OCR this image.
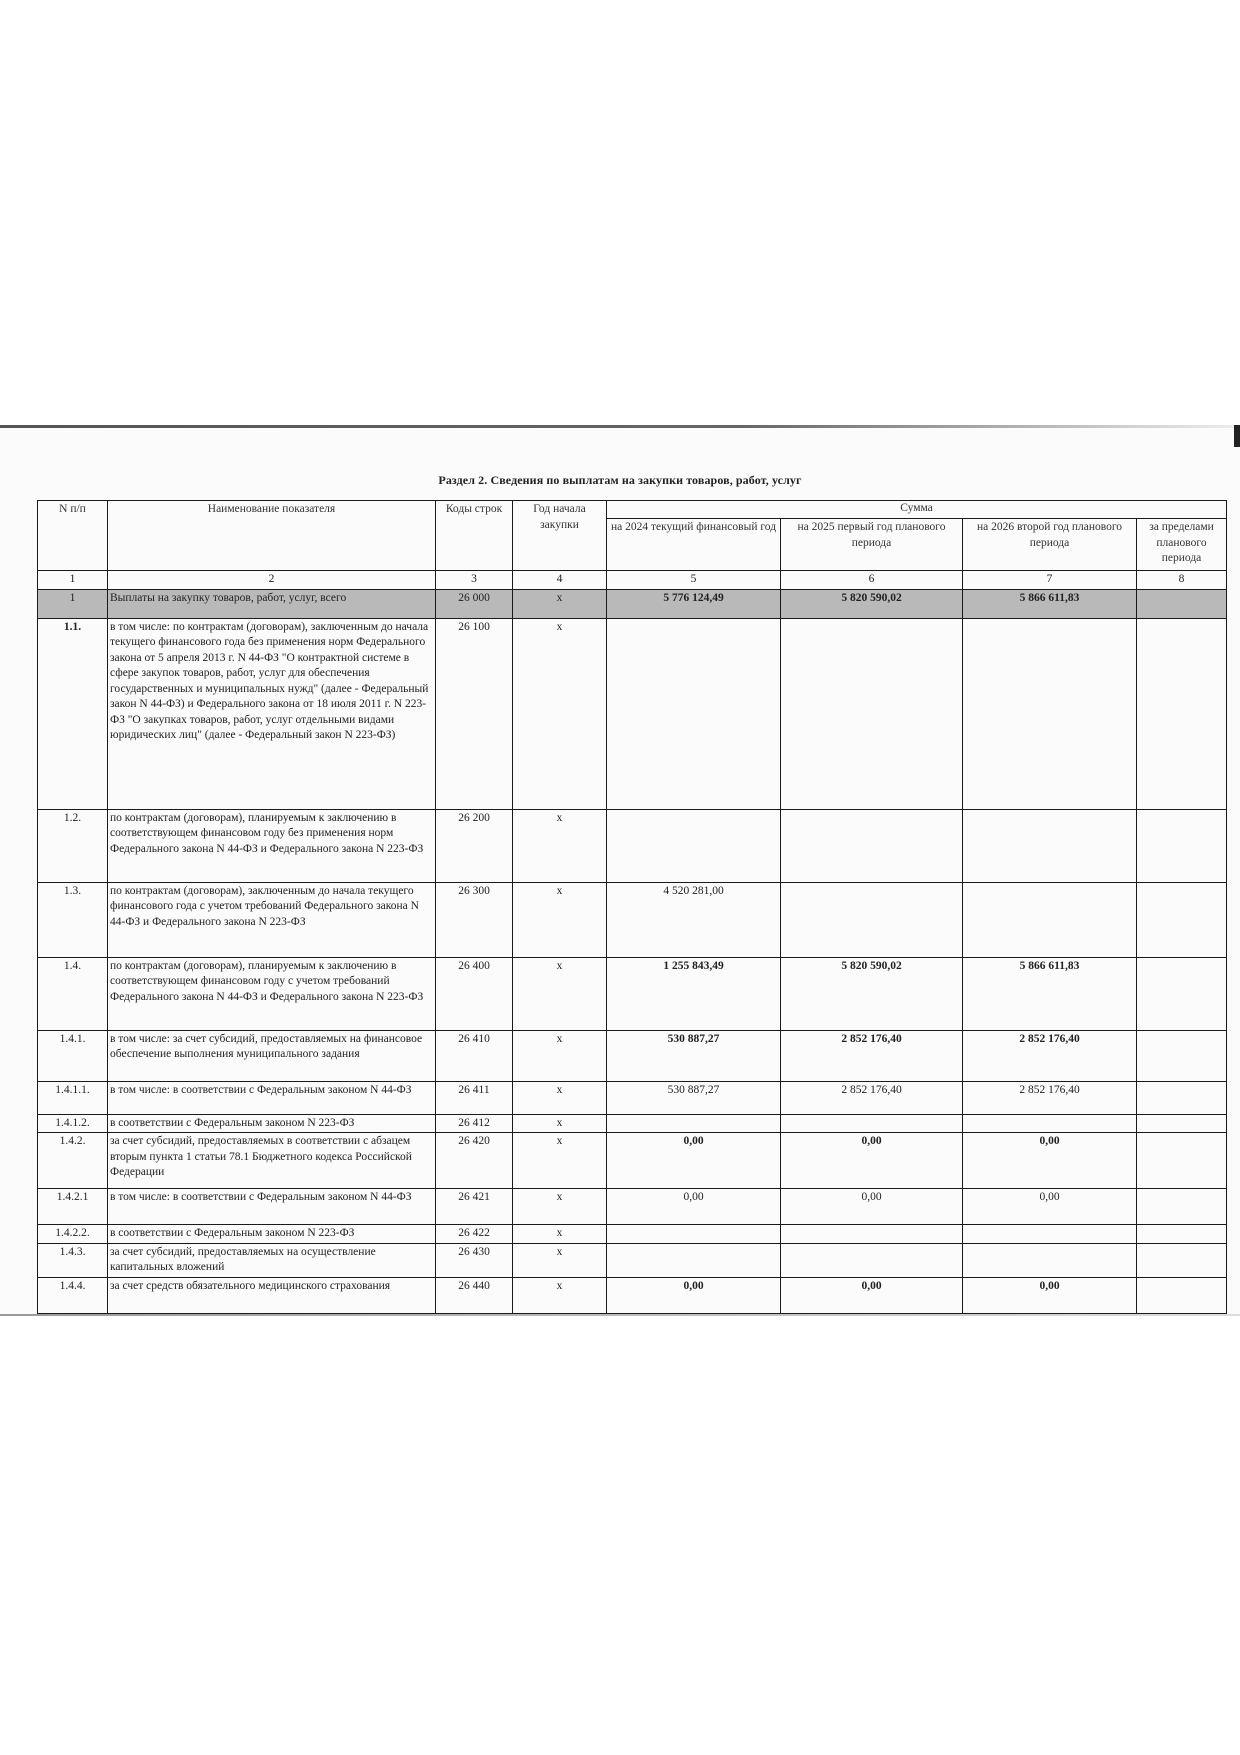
Раздел 2. Сведения по выплатам на закупки товаров, работ, услуг
N п/п	Наименование показателя	Коды строк	Год начала закупки	Сумма			
				на 2024 текущий финансовый год	на 2025 первый год планового периода	на 2026 второй год планового периода	за пределами планового периода
1	2	3	4	5	6	7	8
1	Выплаты на закупку товаров, работ, услуг, всего	26 000	x	5 776 124,49	5 820 590,02	5 866 611,83	
1.1.	в том числе: по контрактам (договорам), заключенным до начала текущего финансового года без применения норм Федерального закона от 5 апреля 2013 г. N 44-ФЗ "О контрактной системе в сфере закупок товаров, работ, услуг для обеспечения государственных и муниципальных нужд" (далее - Федеральный закон N 44-ФЗ) и Федерального закона от 18 июля 2011 г. N 223-ФЗ "О закупках товаров, работ, услуг отдельными видами юридических лиц" (далее - Федеральный закон N 223-ФЗ)	26 100	x				
1.2.	по контрактам (договорам), планируемым к заключению в соответствующем финансовом году без применения норм Федерального закона N 44-ФЗ и Федерального закона N 223-ФЗ	26 200	x				
1.3.	по контрактам (договорам), заключенным до начала текущего финансового года с учетом требований Федерального закона N 44-ФЗ и Федерального закона N 223-ФЗ	26 300	x	4 520 281,00			
1.4.	по контрактам (договорам), планируемым к заключению в соответствующем финансовом году с учетом требований Федерального закона N 44-ФЗ и Федерального закона N 223-ФЗ	26 400	x	1 255 843,49	5 820 590,02	5 866 611,83	
1.4.1.	в том числе: за счет субсидий, предоставляемых на финансовое обеспечение выполнения муниципального задания	26 410	x	530 887,27	2 852 176,40	2 852 176,40	
1.4.1.1.	в том числе: в соответствии с Федеральным законом N 44-ФЗ	26 411	x	530 887,27	2 852 176,40	2 852 176,40	
1.4.1.2.	в соответствии с Федеральным законом N 223-ФЗ	26 412	x				
1.4.2.	за счет субсидий, предоставляемых в соответствии с абзацем вторым пункта 1 статьи 78.1 Бюджетного кодекса Российской Федерации	26 420	x	0,00	0,00	0,00	
1.4.2.1	в том числе: в соответствии с Федеральным законом N 44-ФЗ	26 421	x	0,00	0,00	0,00	
1.4.2.2.	в соответствии с Федеральным законом N 223-ФЗ	26 422	x				
1.4.3.	за счет субсидий, предоставляемых на осуществление капитальных вложений	26 430	x				
1.4.4.	за счет средств обязательного медицинского страхования	26 440	x	0,00	0,00	0,00	
